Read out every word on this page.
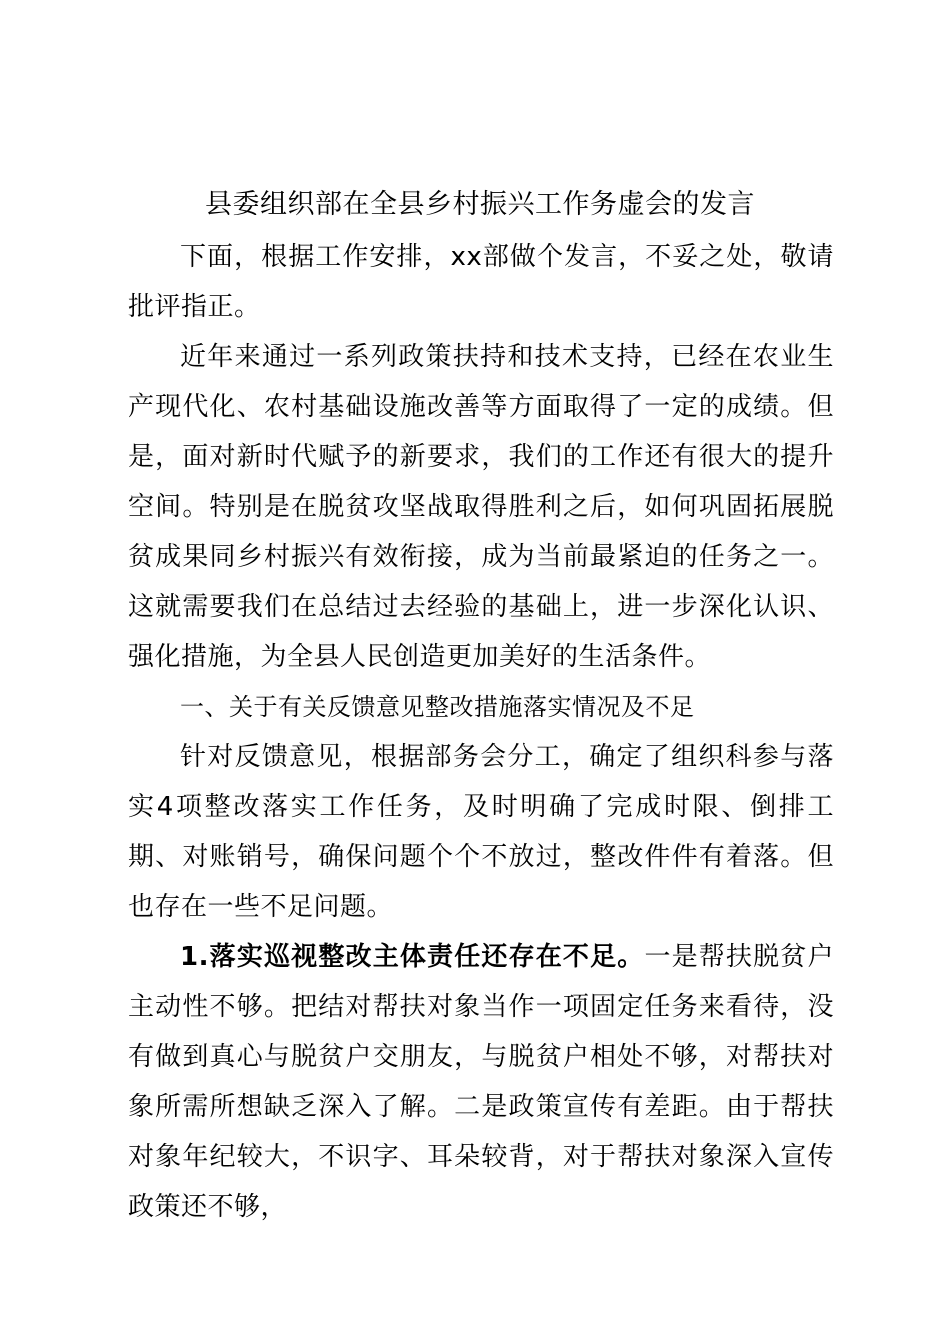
县委组织部在全县乡村振兴工作务虚会的发言

下面，根据工作安排，xx部做个发言，不妥之处，敬请批评指正。

近年来通过一系列政策扶持和技术支持，已经在农业生产现代化、农村基础设施改善等方面取得了一定的成绩。但是，面对新时代赋予的新要求，我们的工作还有很大的提升空间。特别是在脱贫攻坚战取得胜利之后，如何巩固拓展脱贫成果同乡村振兴有效衔接，成为当前最紧迫的任务之一。这就需要我们在总结过去经验的基础上，进一步深化认识、强化措施，为全县人民创造更加美好的生活条件。

一、关于有关反馈意见整改措施落实情况及不足

针对反馈意见，根据部务会分工，确定了组织科参与落实4项整改落实工作任务，及时明确了完成时限、倒排工期、对账销号，确保问题个个不放过，整改件件有着落。但也存在一些不足问题。

1.落实巡视整改主体责任还存在不足。一是帮扶脱贫户主动性不够。把结对帮扶对象当作一项固定任务来看待，没有做到真心与脱贫户交朋友，与脱贫户相处不够，对帮扶对象所需所想缺乏深入了解。二是政策宣传有差距。由于帮扶对象年纪较大，不识字、耳朵较背，对于帮扶对象深入宣传政策还不够，
